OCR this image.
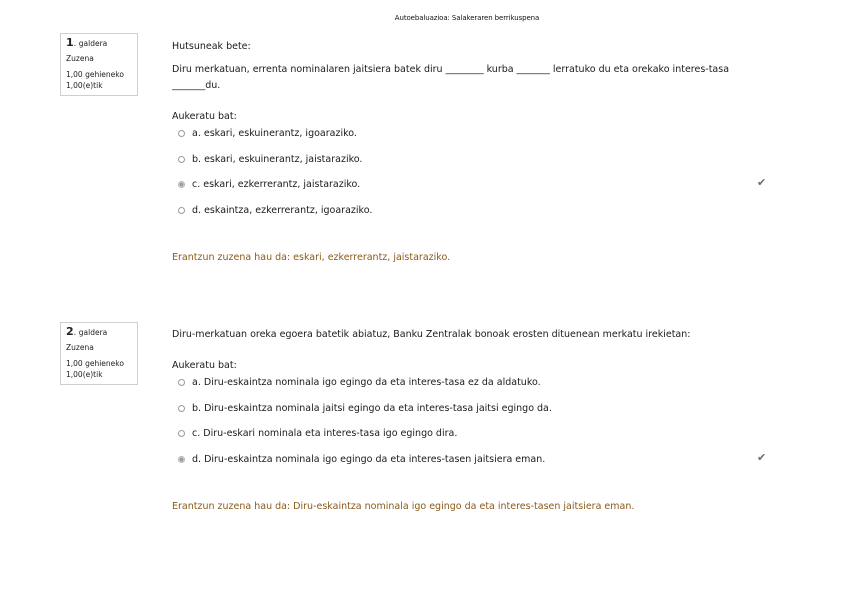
Autoebaluazioa: Salakeraren berrikuspena
1. galdera
Zuzena
1,00 gehieneko
1,00(e)tik

Hutsuneak bete:

Diru merkatuan, errenta nominalaren jaitsiera batek diru ________ kurba _______ lerratuko du eta orekako interes-tasa _______du.

Aukeratu bat:
a. eskari, eskuinerantz, igoaraziko.
b. eskari, eskuinerantz, jaistaraziko.
c. eskari, ezkerrerantz, jaistaraziko.	✔
d. eskaintza, ezkerrerantz, igoaraziko.
Erantzun zuzena hau da: eskari, ezkerrerantz, jaistaraziko.
2. galdera
Zuzena
1,00 gehieneko
1,00(e)tik

Diru-merkatuan oreka egoera batetik abiatuz, Banku Zentralak bonoak erosten dituenean merkatu irekietan:

Aukeratu bat:
a. Diru-eskaintza nominala igo egingo da eta interes-tasa ez da aldatuko.
b. Diru-eskaintza nominala jaitsi egingo da eta interes-tasa jaitsi egingo da.
c. Diru-eskari nominala eta interes-tasa igo egingo dira.
d. Diru-eskaintza nominala igo egingo da eta interes-tasen jaitsiera eman.	✔
Erantzun zuzena hau da: Diru-eskaintza nominala igo egingo da eta interes-tasen jaitsiera eman.
